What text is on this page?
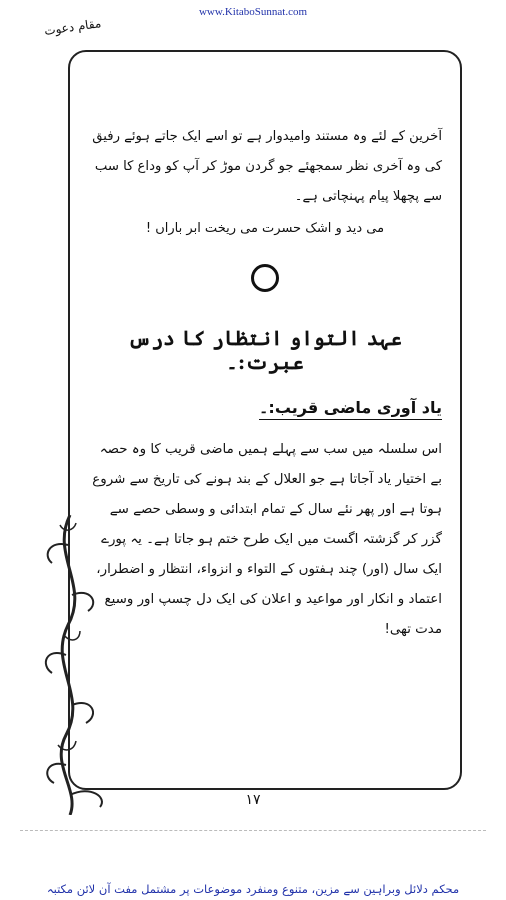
www.KitaboSunnat.com
مقام دعوت

آخرین کے لئے وہ مستند وامیدوار ہے تو اسے ایک جاتے ہوئے رفیق کی وہ آخری نظر سمجھئے جو گردن موڑ کر آپ کو وداع کا سب سے پچھلا پیام پہنچاتی ہے۔

می دید و اشک حسرت می ریخت ابر باراں !

عہد التواو انتظار کا درس عبرت:۔
یاد آوری ماضی قریب:۔

اس سلسلہ میں سب سے پہلے ہمیں ماضی قریب کا وہ حصہ بے اختیار یاد آجاتا ہے جو العلال کے بند ہونے کی تاریخ سے شروع ہوتا ہے اور پھر نئے سال کے تمام ابتدائی و وسطی حصے سے گزر کر گزشتہ اگست میں ایک طرح ختم ہو جاتا ہے۔ یہ پورے ایک سال (اور) چند ہفتوں کے التواء و انزواء، انتظار و اضطرار، اعتماد و انکار اور مواعید و اعلان کی ایک دل چسپ اور وسیع مدت تھی!

۱۷
محکم دلائل وبراہین سے مزین، متنوع ومنفرد موضوعات پر مشتمل مفت آن لائن مکتبہ
